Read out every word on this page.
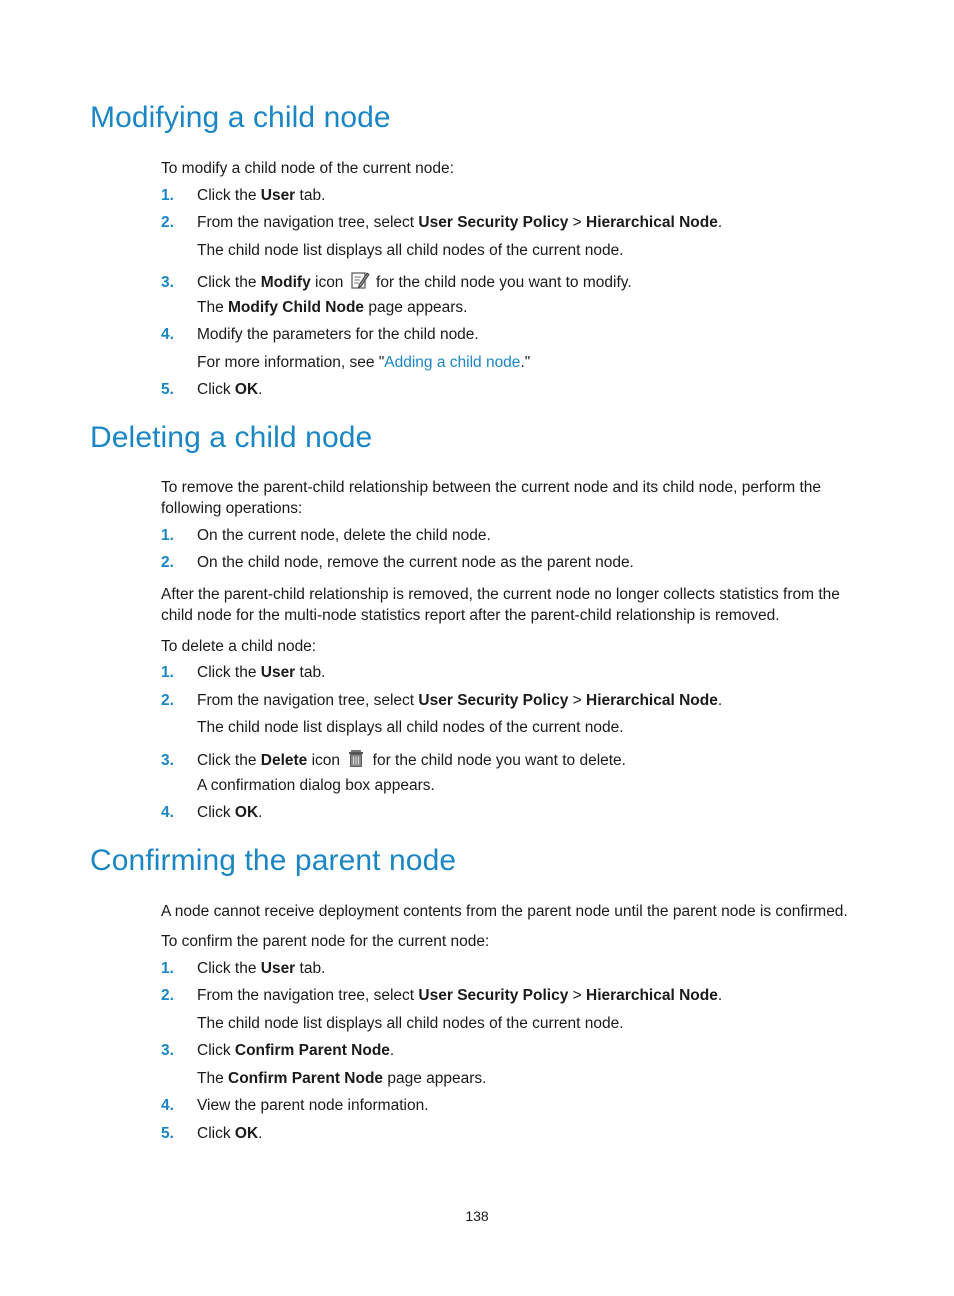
Modifying a child node

To modify a child node of the current node:

1. Click the User tab.

2. From the navigation tree, select User Security Policy > Hierarchical Node.

The child node list displays all child nodes of the current node.

3. Click the Modify icon  for the child node you want to modify.

The Modify Child Node page appears.

4. Modify the parameters for the child node.

For more information, see "Adding a child node."

5. Click OK.

Deleting a child node

To remove the parent-child relationship between the current node and its child node, perform the following operations:

1. On the current node, delete the child node.

2. On the child node, remove the current node as the parent node.

After the parent-child relationship is removed, the current node no longer collects statistics from the child node for the multi-node statistics report after the parent-child relationship is removed.

To delete a child node:

1. Click the User tab.

2. From the navigation tree, select User Security Policy > Hierarchical Node.

The child node list displays all child nodes of the current node.

3. Click the Delete icon  for the child node you want to delete.

A confirmation dialog box appears.

4. Click OK.

Confirming the parent node

A node cannot receive deployment contents from the parent node until the parent node is confirmed.

To confirm the parent node for the current node:

1. Click the User tab.

2. From the navigation tree, select User Security Policy > Hierarchical Node.

The child node list displays all child nodes of the current node.

3. Click Confirm Parent Node.

The Confirm Parent Node page appears.

4. View the parent node information.

5. Click OK.

138
